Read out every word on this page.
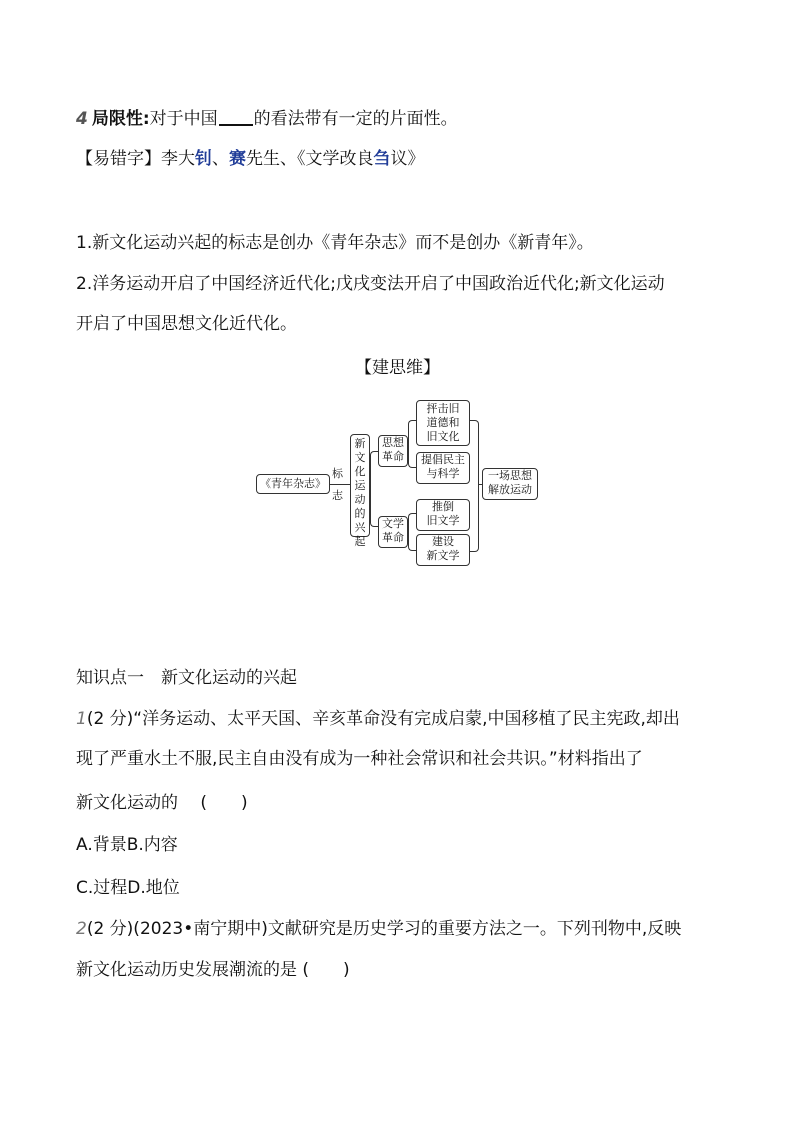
4 局限性:对于中国 的看法带有一定的片面性。
【易错字】李大钊、赛先生、《文学改良刍议》
1.新文化运动兴起的标志是创办《青年杂志》而不是创办《新青年》。
2.洋务运动开启了中国经济近代化;戊戌变法开启了中国政治近代化;新文化运动
开启了中国思想文化近代化。
【建思维】
《青年杂志》
标
志
新
文
化
运
动
的
兴
起
思想
革命
文学
革命
抨击旧
道德和
旧文化
提倡民主
与科学
推倒
旧文学
建设
新文学
一场思想
解放运动
知识点一　新文化运动的兴起
1(2 分)“洋务运动、太平天国、辛亥革命没有完成启蒙,中国移植了民主宪政,却出
现了严重水土不服,民主自由没有成为一种社会常识和社会共识。”材料指出了
新文化运动的　 (　　)
A.背景B.内容
C.过程D.地位
2(2 分)(2023•南宁期中)文献研究是历史学习的重要方法之一。下列刊物中,反映
新文化运动历史发展潮流的是 (　　)
